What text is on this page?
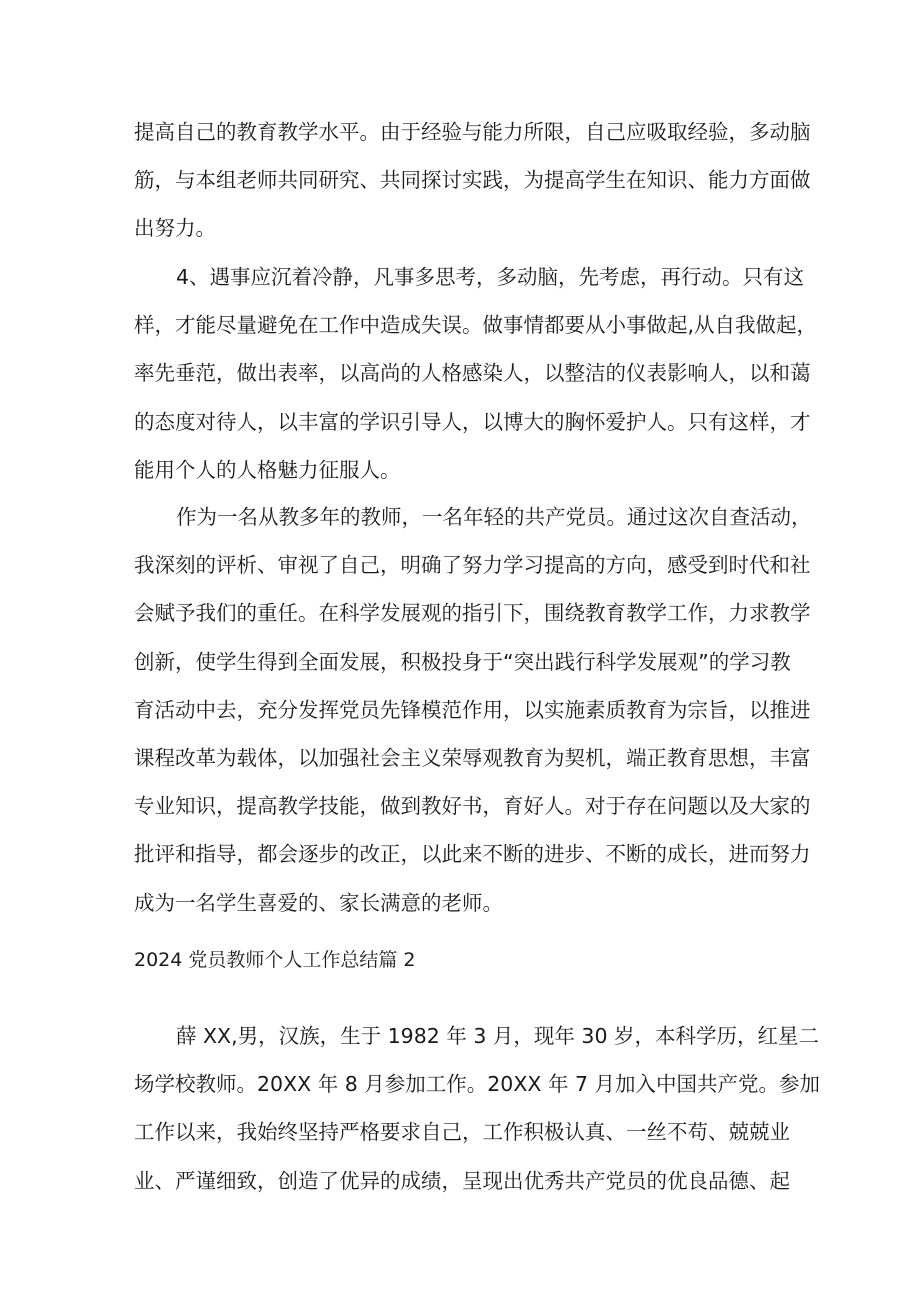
提高自己的教育教学水平。由于经验与能力所限，自己应吸取经验，多动脑
筋，与本组老师共同研究、共同探讨实践，为提高学生在知识、能力方面做
出努力。
4、遇事应沉着冷静，凡事多思考，多动脑，先考虑，再行动。只有这
样，才能尽量避免在工作中造成失误。做事情都要从小事做起,从自我做起，
率先垂范，做出表率，以高尚的人格感染人，以整洁的仪表影响人，以和蔼
的态度对待人，以丰富的学识引导人，以博大的胸怀爱护人。只有这样，才
能用个人的人格魅力征服人。
作为一名从教多年的教师，一名年轻的共产党员。通过这次自查活动，
我深刻的评析、审视了自己，明确了努力学习提高的方向，感受到时代和社
会赋予我们的重任。在科学发展观的指引下，围绕教育教学工作，力求教学
创新，使学生得到全面发展，积极投身于“突出践行科学发展观”的学习教
育活动中去，充分发挥党员先锋模范作用，以实施素质教育为宗旨，以推进
课程改革为载体，以加强社会主义荣辱观教育为契机，端正教育思想，丰富
专业知识，提高教学技能，做到教好书，育好人。对于存在问题以及大家的
批评和指导，都会逐步的改正，以此来不断的进步、不断的成长，进而努力
成为一名学生喜爱的、家长满意的老师。
2024 党员教师个人工作总结篇 2
薛 XX,男，汉族，生于 1982 年 3 月，现年 30 岁，本科学历，红星二
场学校教师。20XX 年 8 月参加工作。20XX 年 7 月加入中国共产党。参加
工作以来，我始终坚持严格要求自己，工作积极认真、一丝不苟、兢兢业
业、严谨细致，创造了优异的成绩，呈现出优秀共产党员的优良品德、起
